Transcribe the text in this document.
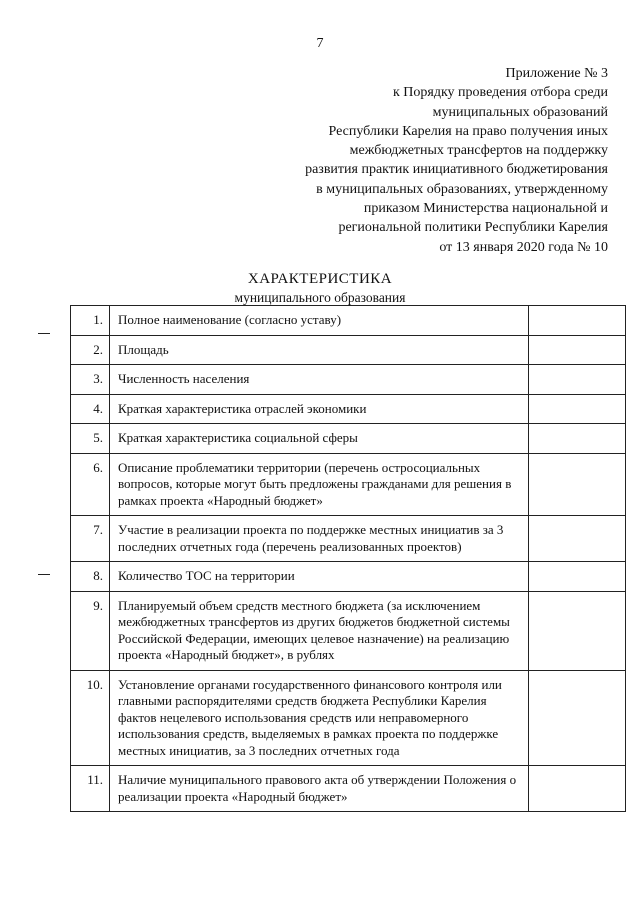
7
Приложение № 3
к Порядку проведения отбора среди
муниципальных образований
Республики Карелия на право получения иных
межбюджетных трансфертов на поддержку
развития практик инициативного бюджетирования
в муниципальных образованиях, утвержденному
приказом Министерства национальной и
региональной политики Республики Карелия
от 13 января 2020 года № 10
ХАРАКТЕРИСТИКА
муниципального образования
1.	Полное наименование (согласно уставу)	
2.	Площадь	
3.	Численность населения	
4.	Краткая характеристика отраслей экономики	
5.	Краткая характеристика социальной сферы	
6.	Описание проблематики территории (перечень остросоциальных вопросов, которые могут быть предложены гражданами для решения в рамках проекта «Народный бюджет»	
7.	Участие в реализации проекта по поддержке местных инициатив за 3 последних отчетных года (перечень реализованных проектов)	
8.	Количество ТОС на территории	
9.	Планируемый объем средств местного бюджета (за исключением межбюджетных трансфертов из других бюджетов бюджетной системы Российской Федерации, имеющих целевое назначение) на реализацию проекта «Народный бюджет», в рублях	
10.	Установление органами государственного финансового контроля или главными распорядителями средств бюджета Республики Карелия фактов нецелевого использования средств или неправомерного использования средств, выделяемых в рамках проекта по поддержке местных инициатив, за 3 последних отчетных года	
11.	Наличие муниципального правового акта об утверждении Положения о реализации проекта «Народный бюджет»	
